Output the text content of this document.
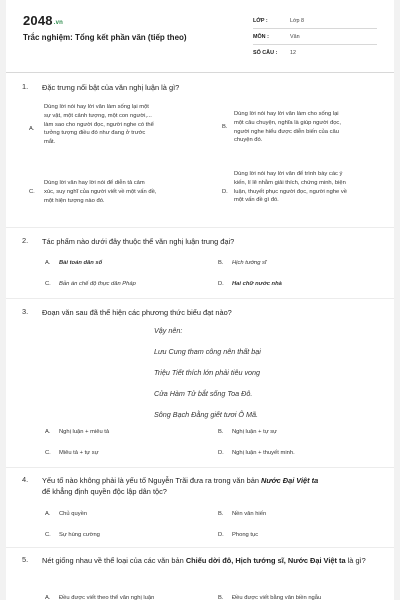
2048.vn
Trắc nghiệm: Tổng kết phần văn (tiếp theo)
LỚP :	Lớp 8
MÔN :	Văn
SỐ CÂU : 12
1. Đặc trưng nổi bật của văn nghị luận là gì?
A.
Dùng lời nói hay lời văn làm sống lại một
sự vật, một cảnh tượng, một con người,...
làm sao cho người đọc, người nghe có thể
tưởng tượng điều đó như đang ở trước
mắt.
B.
Dùng lời nói hay lời văn làm cho sống lại
một câu chuyện, nghĩa là giúp người đọc,
người nghe hiểu được diễn biến của câu
chuyện đó.
C.
Dùng lời văn hay lời nói để diễn tả cảm
xúc, suy nghĩ của người viết về một vấn đề,
một hiện tượng nào đó.
D.
Dùng lời nói hay lời văn để trình bày các ý
kiến, lí lẽ nhằm giải thích, chứng minh, biện
luận, thuyết phục người đọc, người nghe về
một vấn đề gì đó.
2. Tác phẩm nào dưới đây thuộc thể văn nghị luận trung đại?
A. Bài toán dân số	B. Hịch tướng sĩ
C. Bản án chế độ thực dân Pháp	D. Hai chữ nước nhà
3. Đoạn văn sau đã thể hiện các phương thức biểu đạt nào?
Vậy nên:
Lưu Cung tham công nên thất bại
Triệu Tiết thích lớn phải tiêu vong
Cửa Hàm Tử bắt sống Toa Đô.
Sông Bạch Đằng giết tươi Ô Mã.
A. Nghị luận + miêu tả	B. Nghị luận + tự sự
C. Miêu tả + tự sự	D. Nghị luận + thuyết minh.
4. Yếu tố nào không phải là yếu tố Nguyễn Trãi đưa ra trong văn bản Nước Đại Việt ta
để khẳng định quyền độc lập dân tộc?
A. Chủ quyền	B. Nền văn hiến
C. Sự hùng cường	D. Phong tục
5. Nét giống nhau về thể loại của các văn bản Chiếu dời đô, Hịch tướng sĩ, Nước Đại Việt ta là gì?
A. Đều được viết theo thể văn nghị luận	B. Đều được viết bằng văn biền ngẫu
